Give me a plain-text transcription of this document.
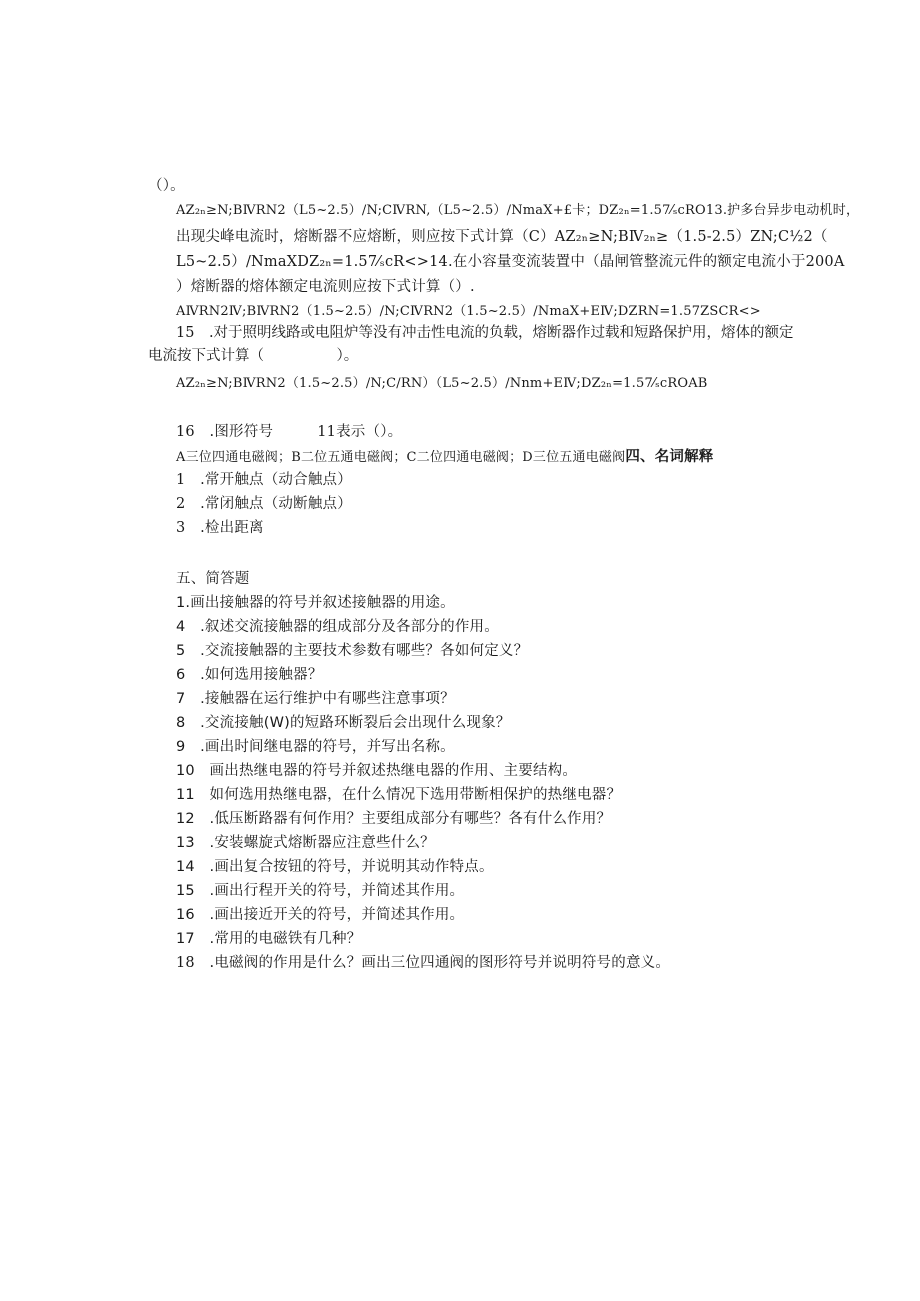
（）。
AZ₂ₙ≥N;BⅣRN2（L5~2.5）/N;CⅣRN,（L5~2.5）/NmaX+£卡；DZ₂ₙ=1.57⁄ₛcRO13.护多台异步电动机时，
出现尖峰电流时，熔断器不应熔断，则应按下式计算（C）AZ₂ₙ≥N;BⅣ₂ₙ≥（1.5-2.5）ZN;C½2（
L5~2.5）/NmaXDZ₂ₙ=1.57⁄ₛcR<>14.在小容量变流装置中（晶闸管整流元件的额定电流小于200A
）熔断器的熔体额定电流则应按下式计算（）.
AⅣRN2Ⅳ;BⅣRN2（1.5~2.5）/N;CⅣRN2（1.5~2.5）/NmaX+EⅣ;DZRN=1.57ZSCR<>
15　.对于照明线路或电阻炉等没有冲击性电流的负载，熔断器作过载和短路保护用，熔体的额定电流按下式计算（　　　　　）。
AZ₂ₙ≥N;BⅣRN2（1.5~2.5）/N;C/RN）（L5~2.5）/Nnm+EⅣ;DZ₂ₙ=1.57⁄ₛcROAB
16　.图形符号　　　11表示（）。
A三位四通电磁阀；B二位五通电磁阀；C二位四通电磁阀；D三位五通电磁阀四、名词解释
1　.常开触点（动合触点）
2　.常闭触点（动断触点）
3　.检出距离
五、简答题
1.画出接触器的符号并叙述接触器的用途。
4　.叙述交流接触器的组成部分及各部分的作用。
5　.交流接触器的主要技术参数有哪些？各如何定义？
6　.如何选用接触器？
7　.接触器在运行维护中有哪些注意事项？
8　.交流接触(W)的短路环断裂后会出现什么现象？
9　.画出时间继电器的符号，并写出名称。
10　画出热继电器的符号并叙述热继电器的作用、主要结构。
11　如何选用热继电器，在什么情况下选用带断相保护的热继电器？
12　.低压断路器有何作用？主要组成部分有哪些？各有什么作用？
13　.安装螺旋式熔断器应注意些什么？
14　.画出复合按钮的符号，并说明其动作特点。
15　.画出行程开关的符号，并简述其作用。
16　.画出接近开关的符号，并简述其作用。
17　.常用的电磁铁有几种？
18　.电磁阀的作用是什么？画出三位四通阀的图形符号并说明符号的意义。
